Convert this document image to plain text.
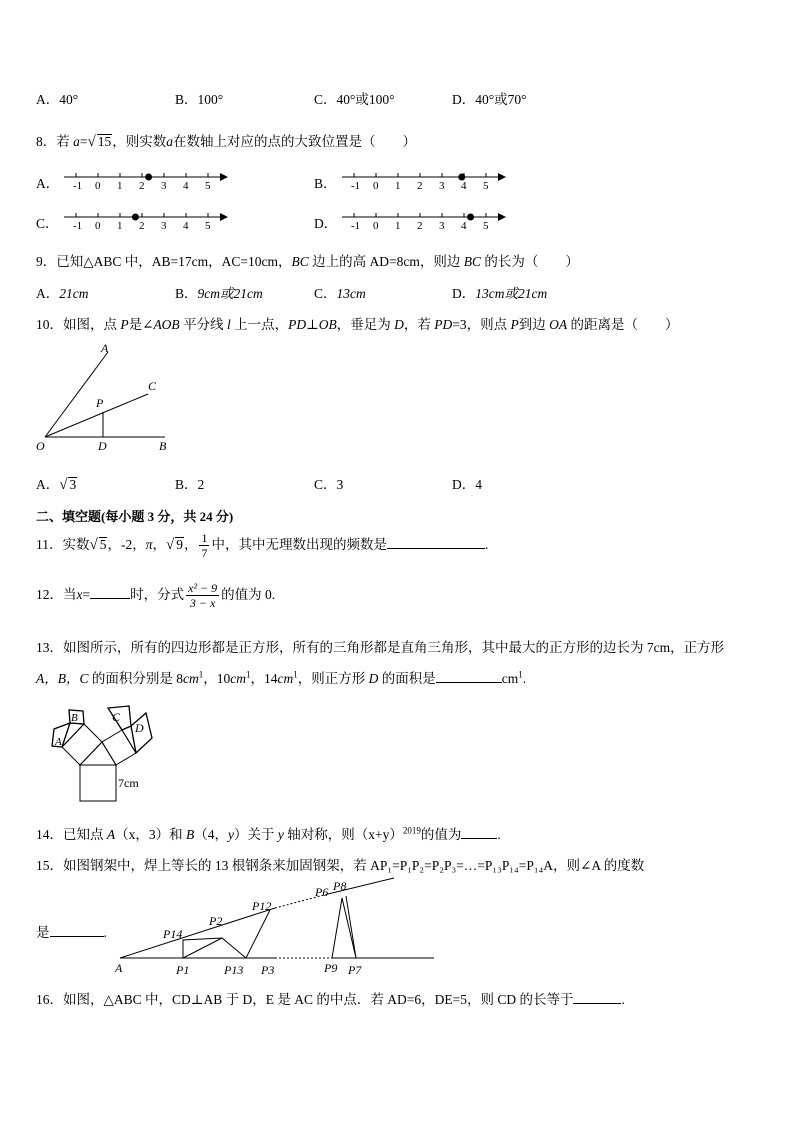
A．40°	B．100°	C．40°或100°	D．40°或70°
8．若 a=√ 15，则实数a在数轴上对应的点的大致位置是（　　）
A． -1 0 1 2 3 4 5	B． -1 0 1 2 3 4 5
C． -1 0 1 2 3 4 5	D． -1 0 1 2 3 4 5
9．已知△ABC 中，AB=17cm，AC=10cm，BC 边上的高 AD=8cm，则边 BC 的长为（　　）
A．21cm	B．9cm或21cm	C．13cm	D．13cm或21cm
10．如图，点 P是∠AOB 平分线 l 上一点，PD⊥OB，垂足为 D，若 PD=3，则点 P到边 OA 的距离是（　　）
A
C
P
O	D	B
A．√ 3	B．2	C．3	D．4
二、填空题(每小题 3 分，共 24 分)
11．实数√ 5，-2，π，√ 9， $\frac{1}{7}$ 中，其中无理数出现的频数是	.
12．当x=	时，分式 $\frac{\text{x² − 9}}{3 - x}$ 的值为 0.
13．如图所示，所有的四边形都是正方形，所有的三角形都是直角三角形，其中最大的正方形的边长为 7cm，正方形
A，B，C 的面积分别是 $8cm^1$，$10cm^1$，$14cm^1$，则正方形 D 的面积是	$cm^1$.
A
B	C
D
7cm
14．已知点 A（x，3）和 B（4，y）关于 y 轴对称，则$(x+y)^{2019}$的值为	.
15．如图钢架中，焊上等长的 13 根钢条来加固钢架，若 AP₁=P₁P₂=P₂P₃=…=P₁₃P₁₄=P₁₄A，则∠A 的度数
是	.
A	P1
P2
P3
P6
P7
P8
P9
P12
P13
P14
16．如图，△ABC 中，CD⊥AB 于 D，E 是 AC 的中点．若 AD=6，DE=5，则 CD 的长等于	.
